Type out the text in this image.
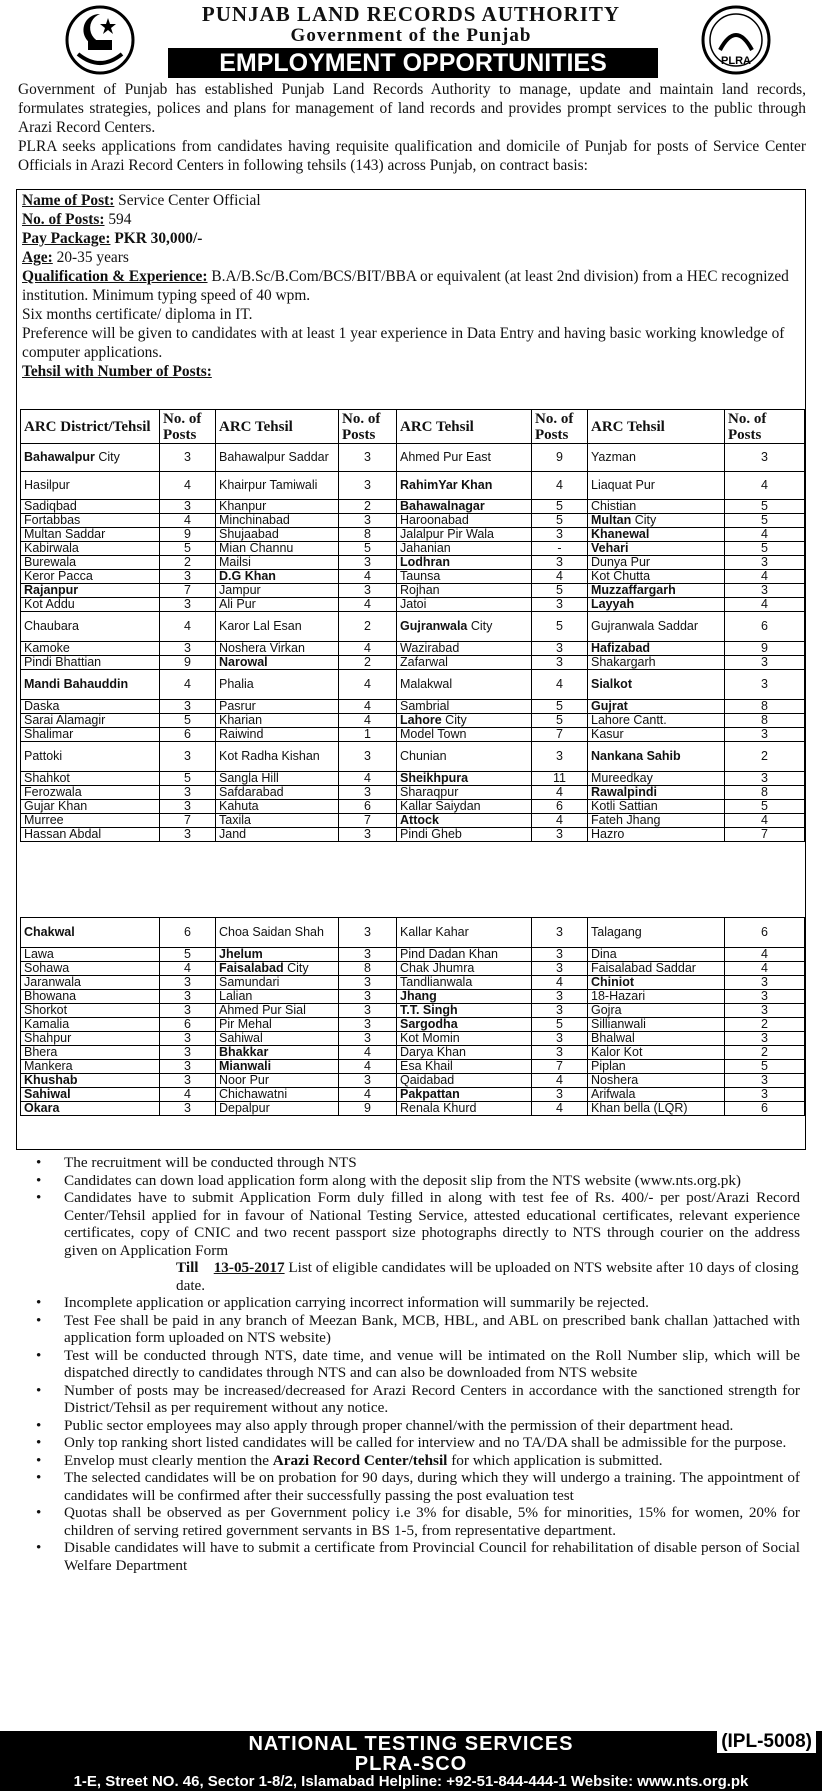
PUNJAB LAND RECORDS AUTHORITY
Government of the Punjab
EMPLOYMENT OPPORTUNITIES	PLRA

Government of Punjab has established Punjab Land Records Authority to manage, update and maintain land records, formulates strategies, polices and plans for management of land records and provides prompt services to the public through Arazi Record Centers.

PLRA seeks applications from candidates having requisite qualification and domicile of Punjab for posts of Service Center Officials in Arazi Record Centers in following tehsils (143) across Punjab, on contract basis:

Name of Post: Service Center Official
No. of Posts: 594
Pay Package: PKR 30,000/-
Age: 20-35 years
Qualification & Experience: B.A/B.Sc/B.Com/BCS/BIT/BBA or equivalent (at least 2nd division) from a HEC recognized institution. Minimum typing speed of 40 wpm.
Six months certificate/ diploma in IT.
Preference will be given to candidates with at least 1 year experience in Data Entry and having basic working knowledge of computer applications.
Tehsil with Number of Posts:
ARC District/Tehsil	No. of Posts	ARC Tehsil	No. of Posts	ARC Tehsil	No. of Posts	ARC Tehsil	No. of Posts
Bahawalpur City	3	Bahawalpur Saddar	3	Ahmed Pur East	9	Yazman	3
Hasilpur	4	Khairpur Tamiwali	3	RahimYar Khan	4	Liaquat Pur	4
Sadiqbad	3	Khanpur	2	Bahawalnagar	5	Chistian	5
Fortabbas	4	Minchinabad	3	Haroonabad	5	Multan City	5
Multan Saddar	9	Shujaabad	8	Jalalpur Pir Wala	3	Khanewal	4
Kabirwala	5	Mian Channu	5	Jahanian	-	Vehari	5
Burewala	2	Mailsi	3	Lodhran	3	Dunya Pur	3
Keror Pacca	3	D.G Khan	4	Taunsa	4	Kot Chutta	4
Rajanpur	7	Jampur	3	Rojhan	5	Muzzaffargarh	3
Kot Addu	3	Ali Pur	4	Jatoi	3	Layyah	4
Chaubara	4	Karor Lal Esan	2	Gujranwala City	5	Gujranwala Saddar	6
Kamoke	3	Noshera Virkan	4	Wazirabad	3	Hafizabad	9
Pindi Bhattian	9	Narowal	2	Zafarwal	3	Shakargarh	3
Mandi Bahauddin	4	Phalia	4	Malakwal	4	Sialkot	3
Daska	3	Pasrur	4	Sambrial	5	Gujrat	8
Sarai Alamagir	5	Kharian	4	Lahore City	5	Lahore Cantt.	8
Shalimar	6	Raiwind	1	Model Town	7	Kasur	3
Pattoki	3	Kot Radha Kishan	3	Chunian	3	Nankana Sahib	2
Shahkot	5	Sangla Hill	4	Sheikhpura	11	Mureedkay	3
Ferozwala	3	Safdarabad	3	Sharaqpur	4	Rawalpindi	8
Gujar Khan	3	Kahuta	6	Kallar Saiydan	6	Kotli Sattian	5
Murree	7	Taxila	7	Attock	4	Fateh Jhang	4
Hassan Abdal	3	Jand	3	Pindi Gheb	3	Hazro	7
Chakwal	6	Choa Saidan Shah	3	Kallar Kahar	3	Talagang	6
Lawa	5	Jhelum	3	Pind Dadan Khan	3	Dina	4
Sohawa	4	Faisalabad City	8	Chak Jhumra	3	Faisalabad Saddar	4
Jaranwala	3	Samundari	3	Tandlianwala	4	Chiniot	3
Bhowana	3	Lalian	3	Jhang	3	18-Hazari	3
Shorkot	3	Ahmed Pur Sial	3	T.T. Singh	3	Gojra	3
Kamalia	6	Pir Mehal	3	Sargodha	5	Sillianwali	2
Shahpur	3	Sahiwal	3	Kot Momin	3	Bhalwal	3
Bhera	3	Bhakkar	4	Darya Khan	3	Kalor Kot	2
Mankera	3	Mianwali	4	Esa Khail	7	Piplan	5
Khushab	3	Noor Pur	3	Qaidabad	4	Noshera	3
Sahiwal	4	Chichawatni	4	Pakpattan	3	Arifwala	3
Okara	3	Depalpur	9	Renala Khurd	4	Khan bella (LQR)	6
• The recruitment will be conducted through NTS
• Candidates can down load application form along with the deposit slip from the NTS website (www.nts.org.pk)
• Candidates have to submit Application Form duly filled in along with test fee of Rs. 400/- per post/Arazi Record Center/Tehsil applied for in favour of National Testing Service, attested educational certificates, relevant experience certificates, copy of CNIC and two recent passport size photographs directly to NTS through courier on the address given on Application Form
Till 13-05-2017 List of eligible candidates will be uploaded on NTS website after 10 days of closing date.
• Incomplete application or application carrying incorrect information will summarily be rejected.
• Test Fee shall be paid in any branch of Meezan Bank, MCB, HBL, and ABL on prescribed bank challan )attached with application form uploaded on NTS website)
• Test will be conducted through NTS, date time, and venue will be intimated on the Roll Number slip, which will be dispatched directly to candidates through NTS and can also be downloaded from NTS website
• Number of posts may be increased/decreased for Arazi Record Centers in accordance with the sanctioned strength for District/Tehsil as per requirement without any notice.
• Public sector employees may also apply through proper channel/with the permission of their department head.
• Only top ranking short listed candidates will be called for interview and no TA/DA shall be admissible for the purpose.
• Envelop must clearly mention the Arazi Record Center/tehsil for which application is submitted.
• The selected candidates will be on probation for 90 days, during which they will undergo a training. The appointment of candidates will be confirmed after their successfully passing the post evaluation test
• Quotas shall be observed as per Government policy i.e 3% for disable, 5% for minorities, 15% for women, 20% for children of serving retired government servants in BS 1-5, from representative department.
• Disable candidates will have to submit a certificate from Provincial Council for rehabilitation of disable person of Social Welfare Department
NATIONAL TESTING SERVICES	(IPL-5008)
PLRA-SCO
1-E, Street NO. 46, Sector 1-8/2, Islamabad Helpline: +92-51-844-444-1 Website: www.nts.org.pk
